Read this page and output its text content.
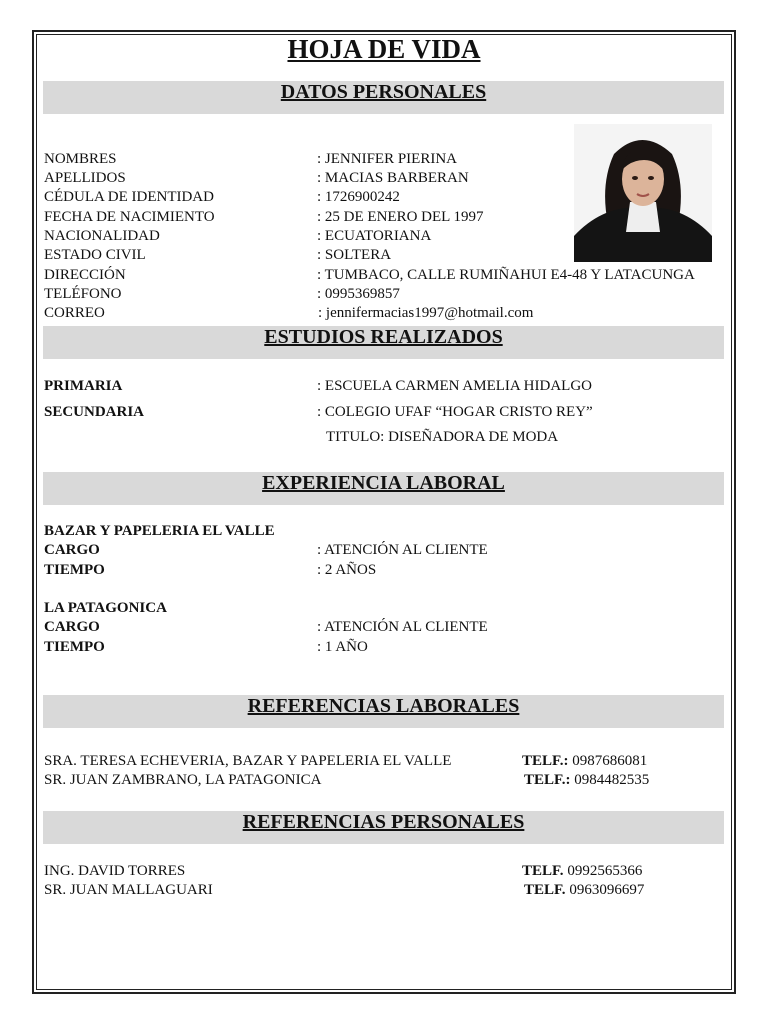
HOJA DE VIDA
DATOS PERSONALES
NOMBRES	: JENNIFER PIERINA
APELLIDOS	: MACIAS BARBERAN
CÉDULA DE IDENTIDAD	: 1726900242
FECHA DE NACIMIENTO	: 25 DE ENERO DEL 1997
NACIONALIDAD	: ECUATORIANA
ESTADO CIVIL	: SOLTERA
DIRECCIÓN	: TUMBACO, CALLE RUMIÑAHUI E4-48 Y LATACUNGA
TELÉFONO	: 0995369857
CORREO	: jennifermacias1997@hotmail.com
ESTUDIOS REALIZADOS
PRIMARIA	: ESCUELA CARMEN AMELIA HIDALGO
SECUNDARIA	: COLEGIO UFAF “HOGAR CRISTO REY”
TITULO: DISEÑADORA DE MODA
EXPERIENCIA LABORAL
BAZAR Y PAPELERIA EL VALLE
CARGO	: ATENCIÓN AL CLIENTE
TIEMPO	: 2 AÑOS
LA PATAGONICA
CARGO	: ATENCIÓN AL CLIENTE
TIEMPO	: 1 AÑO
REFERENCIAS LABORALES
SRA. TERESA ECHEVERIA, BAZAR Y PAPELERIA EL VALLE	TELF.: 0987686081
SR. JUAN ZAMBRANO, LA PATAGONICA	TELF.: 0984482535
REFERENCIAS PERSONALES
ING. DAVID TORRES	TELF. 0992565366
SR. JUAN MALLAGUARI	TELF. 0963096697
